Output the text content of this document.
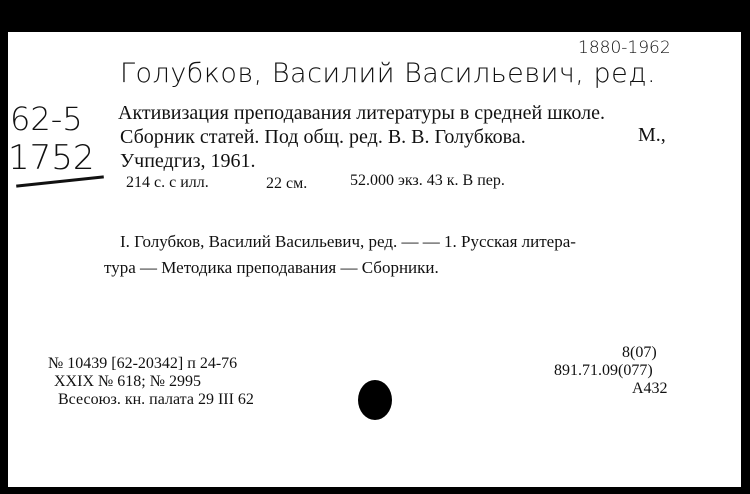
1880-1962
Голубков, Василий Васильевич, ред.
62-5
1752
Активизация преподавания литературы в средней школе.
Сборник статей. Под общ. ред. В. В. Голубкова.	М.,
Учпедгиз, 1961.
214 с. с илл.	22 см.	52.000 экз. 43 к. В пер.
I. Голубков, Василий Васильевич, ред. — — 1. Русская литера-
тура — Методика преподавания — Сборники.
№ 10439 [62-20342] п 24-76
XXIX № 618; № 2995
Всесоюз. кн. палата 29 III 62
8(07)
891.71.09(077)
А432
